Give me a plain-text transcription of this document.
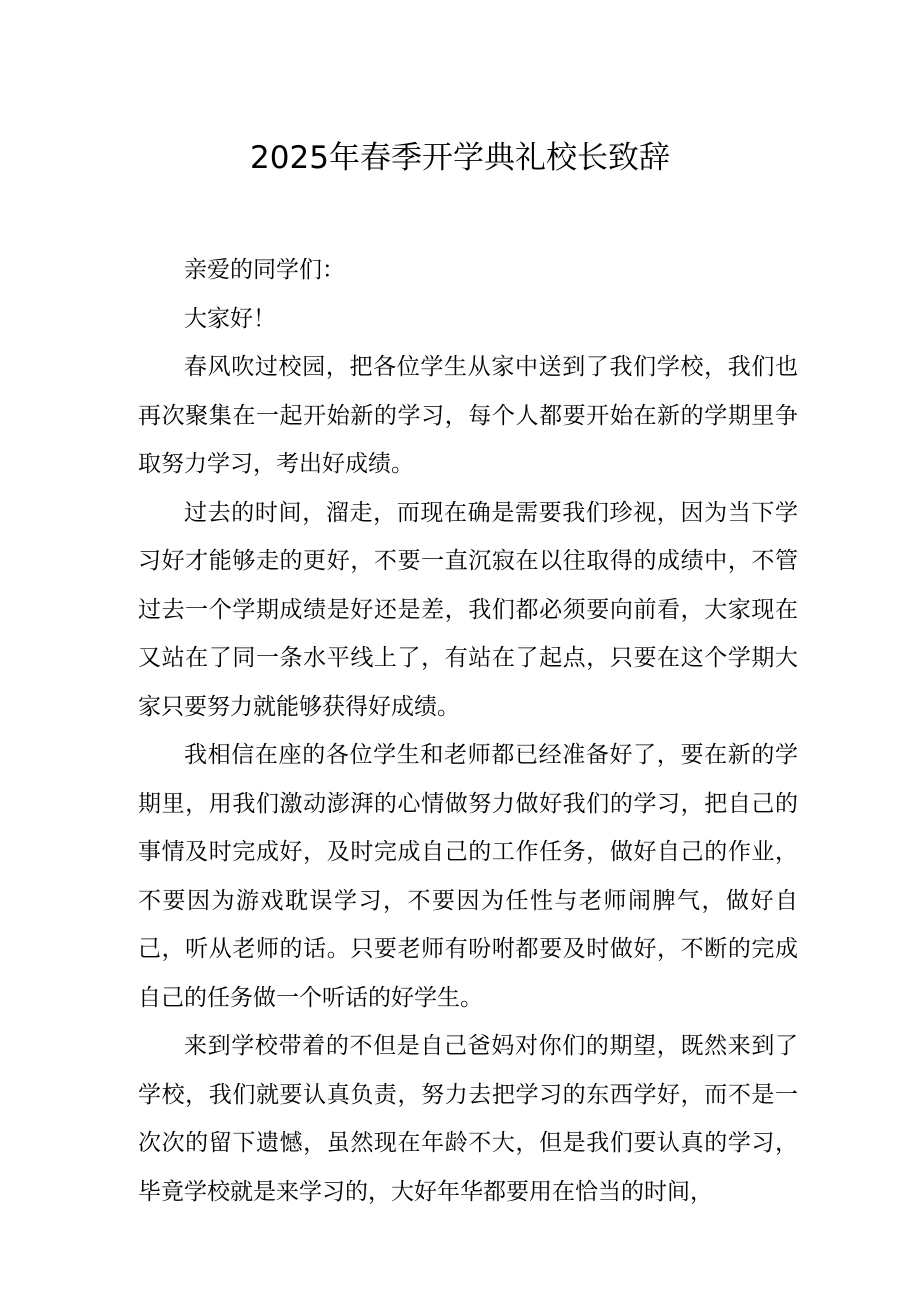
2025年春季开学典礼校长致辞

亲爱的同学们：

大家好！

春风吹过校园，把各位学生从家中送到了我们学校，我们也再次聚集在一起开始新的学习，每个人都要开始在新的学期里争取努力学习，考出好成绩。

过去的时间，溜走，而现在确是需要我们珍视，因为当下学习好才能够走的更好，不要一直沉寂在以往取得的成绩中，不管过去一个学期成绩是好还是差，我们都必须要向前看，大家现在又站在了同一条水平线上了，有站在了起点，只要在这个学期大家只要努力就能够获得好成绩。

我相信在座的各位学生和老师都已经准备好了，要在新的学期里，用我们激动澎湃的心情做努力做好我们的学习，把自己的事情及时完成好，及时完成自己的工作任务，做好自己的作业，不要因为游戏耽误学习，不要因为任性与老师闹脾气，做好自己，听从老师的话。只要老师有吩咐都要及时做好，不断的完成自己的任务做一个听话的好学生。

来到学校带着的不但是自己爸妈对你们的期望，既然来到了学校，我们就要认真负责，努力去把学习的东西学好，而不是一次次的留下遗憾，虽然现在年龄不大，但是我们要认真的学习，毕竟学校就是来学习的，大好年华都要用在恰当的时间，
